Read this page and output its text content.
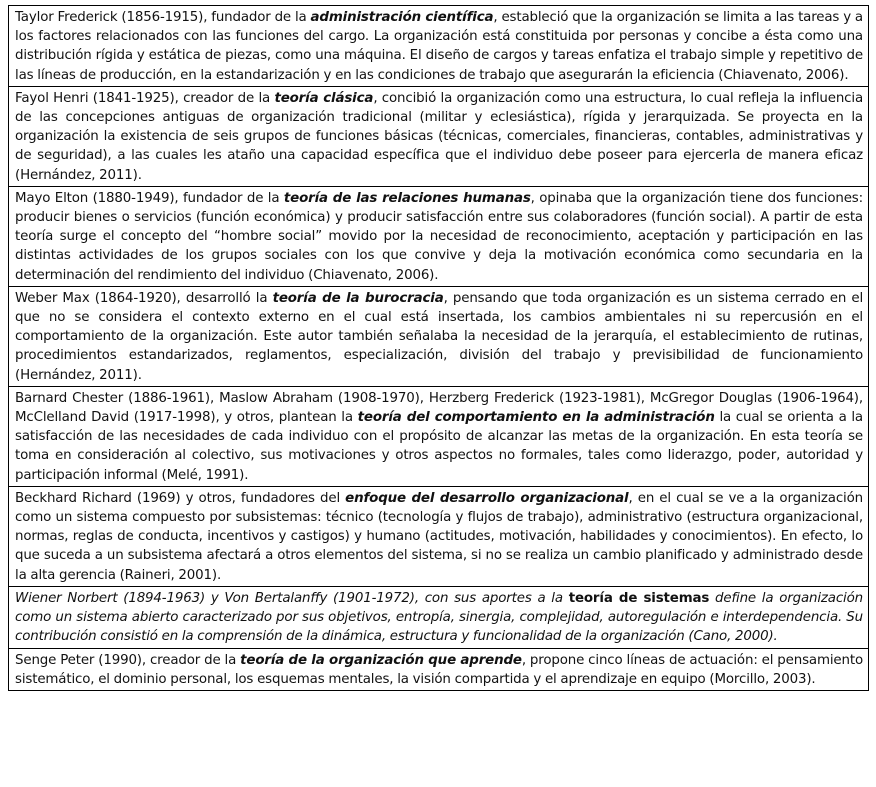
Taylor Frederick (1856-1915), fundador de la administración científica, estableció que la organización se limita a las tareas y a los factores relacionados con las funciones del cargo. La organización está constituida por personas y concibe a ésta como una distribución rígida y estática de piezas, como una máquina. El diseño de cargos y tareas enfatiza el trabajo simple y repetitivo de las líneas de producción, en la estandarización y en las condiciones de trabajo que asegurarán la eficiencia (Chiavenato, 2006).
Fayol Henri (1841-1925), creador de la teoría clásica, concibió la organización como una estructura, lo cual refleja la influencia de las concepciones antiguas de organización tradicional (militar y eclesiástica), rígida y jerarquizada. Se proyecta en la organización la existencia de seis grupos de funciones básicas (técnicas, comerciales, financieras, contables, administrativas y de seguridad), a las cuales les ataño una capacidad específica que el individuo debe poseer para ejercerla de manera eficaz (Hernández, 2011).
Mayo Elton (1880-1949), fundador de la teoría de las relaciones humanas, opinaba que la organización tiene dos funciones: producir bienes o servicios (función económica) y producir satisfacción entre sus colaboradores (función social). A partir de esta teoría surge el concepto del “hombre social” movido por la necesidad de reconocimiento, aceptación y participación en las distintas actividades de los grupos sociales con los que convive y deja la motivación económica como secundaria en la determinación del rendimiento del individuo (Chiavenato, 2006).
Weber Max (1864-1920), desarrolló la teoría de la burocracia, pensando que toda organización es un sistema cerrado en el que no se considera el contexto externo en el cual está insertada, los cambios ambientales ni su repercusión en el comportamiento de la organización. Este autor también señalaba la necesidad de la jerarquía, el establecimiento de rutinas, procedimientos estandarizados, reglamentos, especialización, división del trabajo y previsibilidad de funcionamiento (Hernández, 2011).
Barnard Chester (1886-1961), Maslow Abraham (1908-1970), Herzberg Frederick (1923-1981), McGregor Douglas (1906-1964), McClelland David (1917-1998), y otros, plantean la teoría del comportamiento en la administración la cual se orienta a la satisfacción de las necesidades de cada individuo con el propósito de alcanzar las metas de la organización. En esta teoría se toma en consideración al colectivo, sus motivaciones y otros aspectos no formales, tales como liderazgo, poder, autoridad y participación informal (Melé, 1991).
Beckhard Richard (1969) y otros, fundadores del enfoque del desarrollo organizacional, en el cual se ve a la organización como un sistema compuesto por subsistemas: técnico (tecnología y flujos de trabajo), administrativo (estructura organizacional, normas, reglas de conducta, incentivos y castigos) y humano (actitudes, motivación, habilidades y conocimientos). En efecto, lo que suceda a un subsistema afectará a otros elementos del sistema, si no se realiza un cambio planificado y administrado desde la alta gerencia (Raineri, 2001).
Wiener Norbert (1894-1963) y Von Bertalanffy (1901-1972), con sus aportes a la teoría de sistemas define la organización como un sistema abierto caracterizado por sus objetivos, entropía, sinergia, complejidad, autoregulación e interdependencia. Su contribución consistió en la comprensión de la dinámica, estructura y funcionalidad de la organización (Cano, 2000).
Senge Peter (1990), creador de la teoría de la organización que aprende, propone cinco líneas de actuación: el pensamiento sistemático, el dominio personal, los esquemas mentales, la visión compartida y el aprendizaje en equipo (Morcillo, 2003).
